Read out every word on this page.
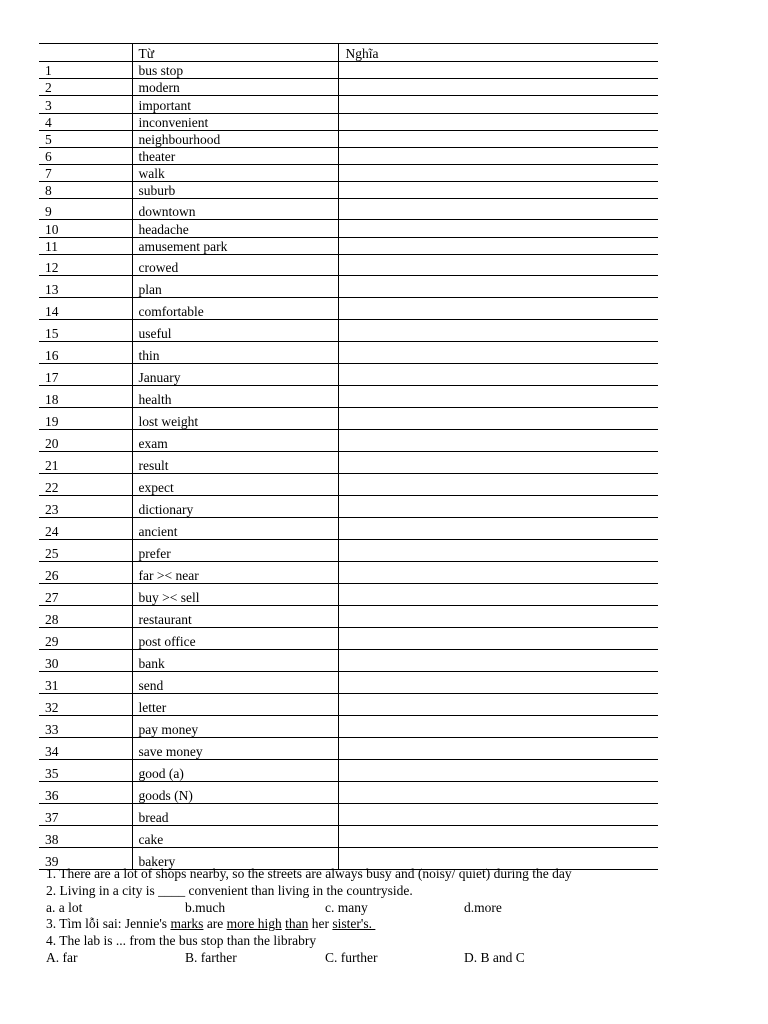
	Từ	Nghĩa
1	bus stop	
2	modern	
3	important	
4	inconvenient	
5	neighbourhood	
6	theater	
7	walk	
8	suburb	
9	downtown	
10	headache	
11	amusement park	
12	crowed	
13	plan	
14	comfortable	
15	useful	
16	thin	
17	January	
18	health	
19	lost weight	
20	exam	
21	result	
22	expect	
23	dictionary	
24	ancient	
25	prefer	
26	far >< near	
27	buy >< sell	
28	restaurant	
29	post office	
30	bank	
31	send	
32	letter	
33	pay money	
34	save money	
35	good (a)	
36	goods (N)	
37	bread	
38	cake	
39	bakery	
1. There are a lot of shops nearby, so the streets are always busy and (noisy/ quiet) during the day
2. Living in a city is ____ convenient than living in the countryside.
a. a lot	b.much	c. many	d.more
3. Tìm lỗi sai: Jennie's marks are more high than her sister's.
4. The lab is ... from the bus stop than the librabry
A. far	B. farther	C. further	D. B and C
